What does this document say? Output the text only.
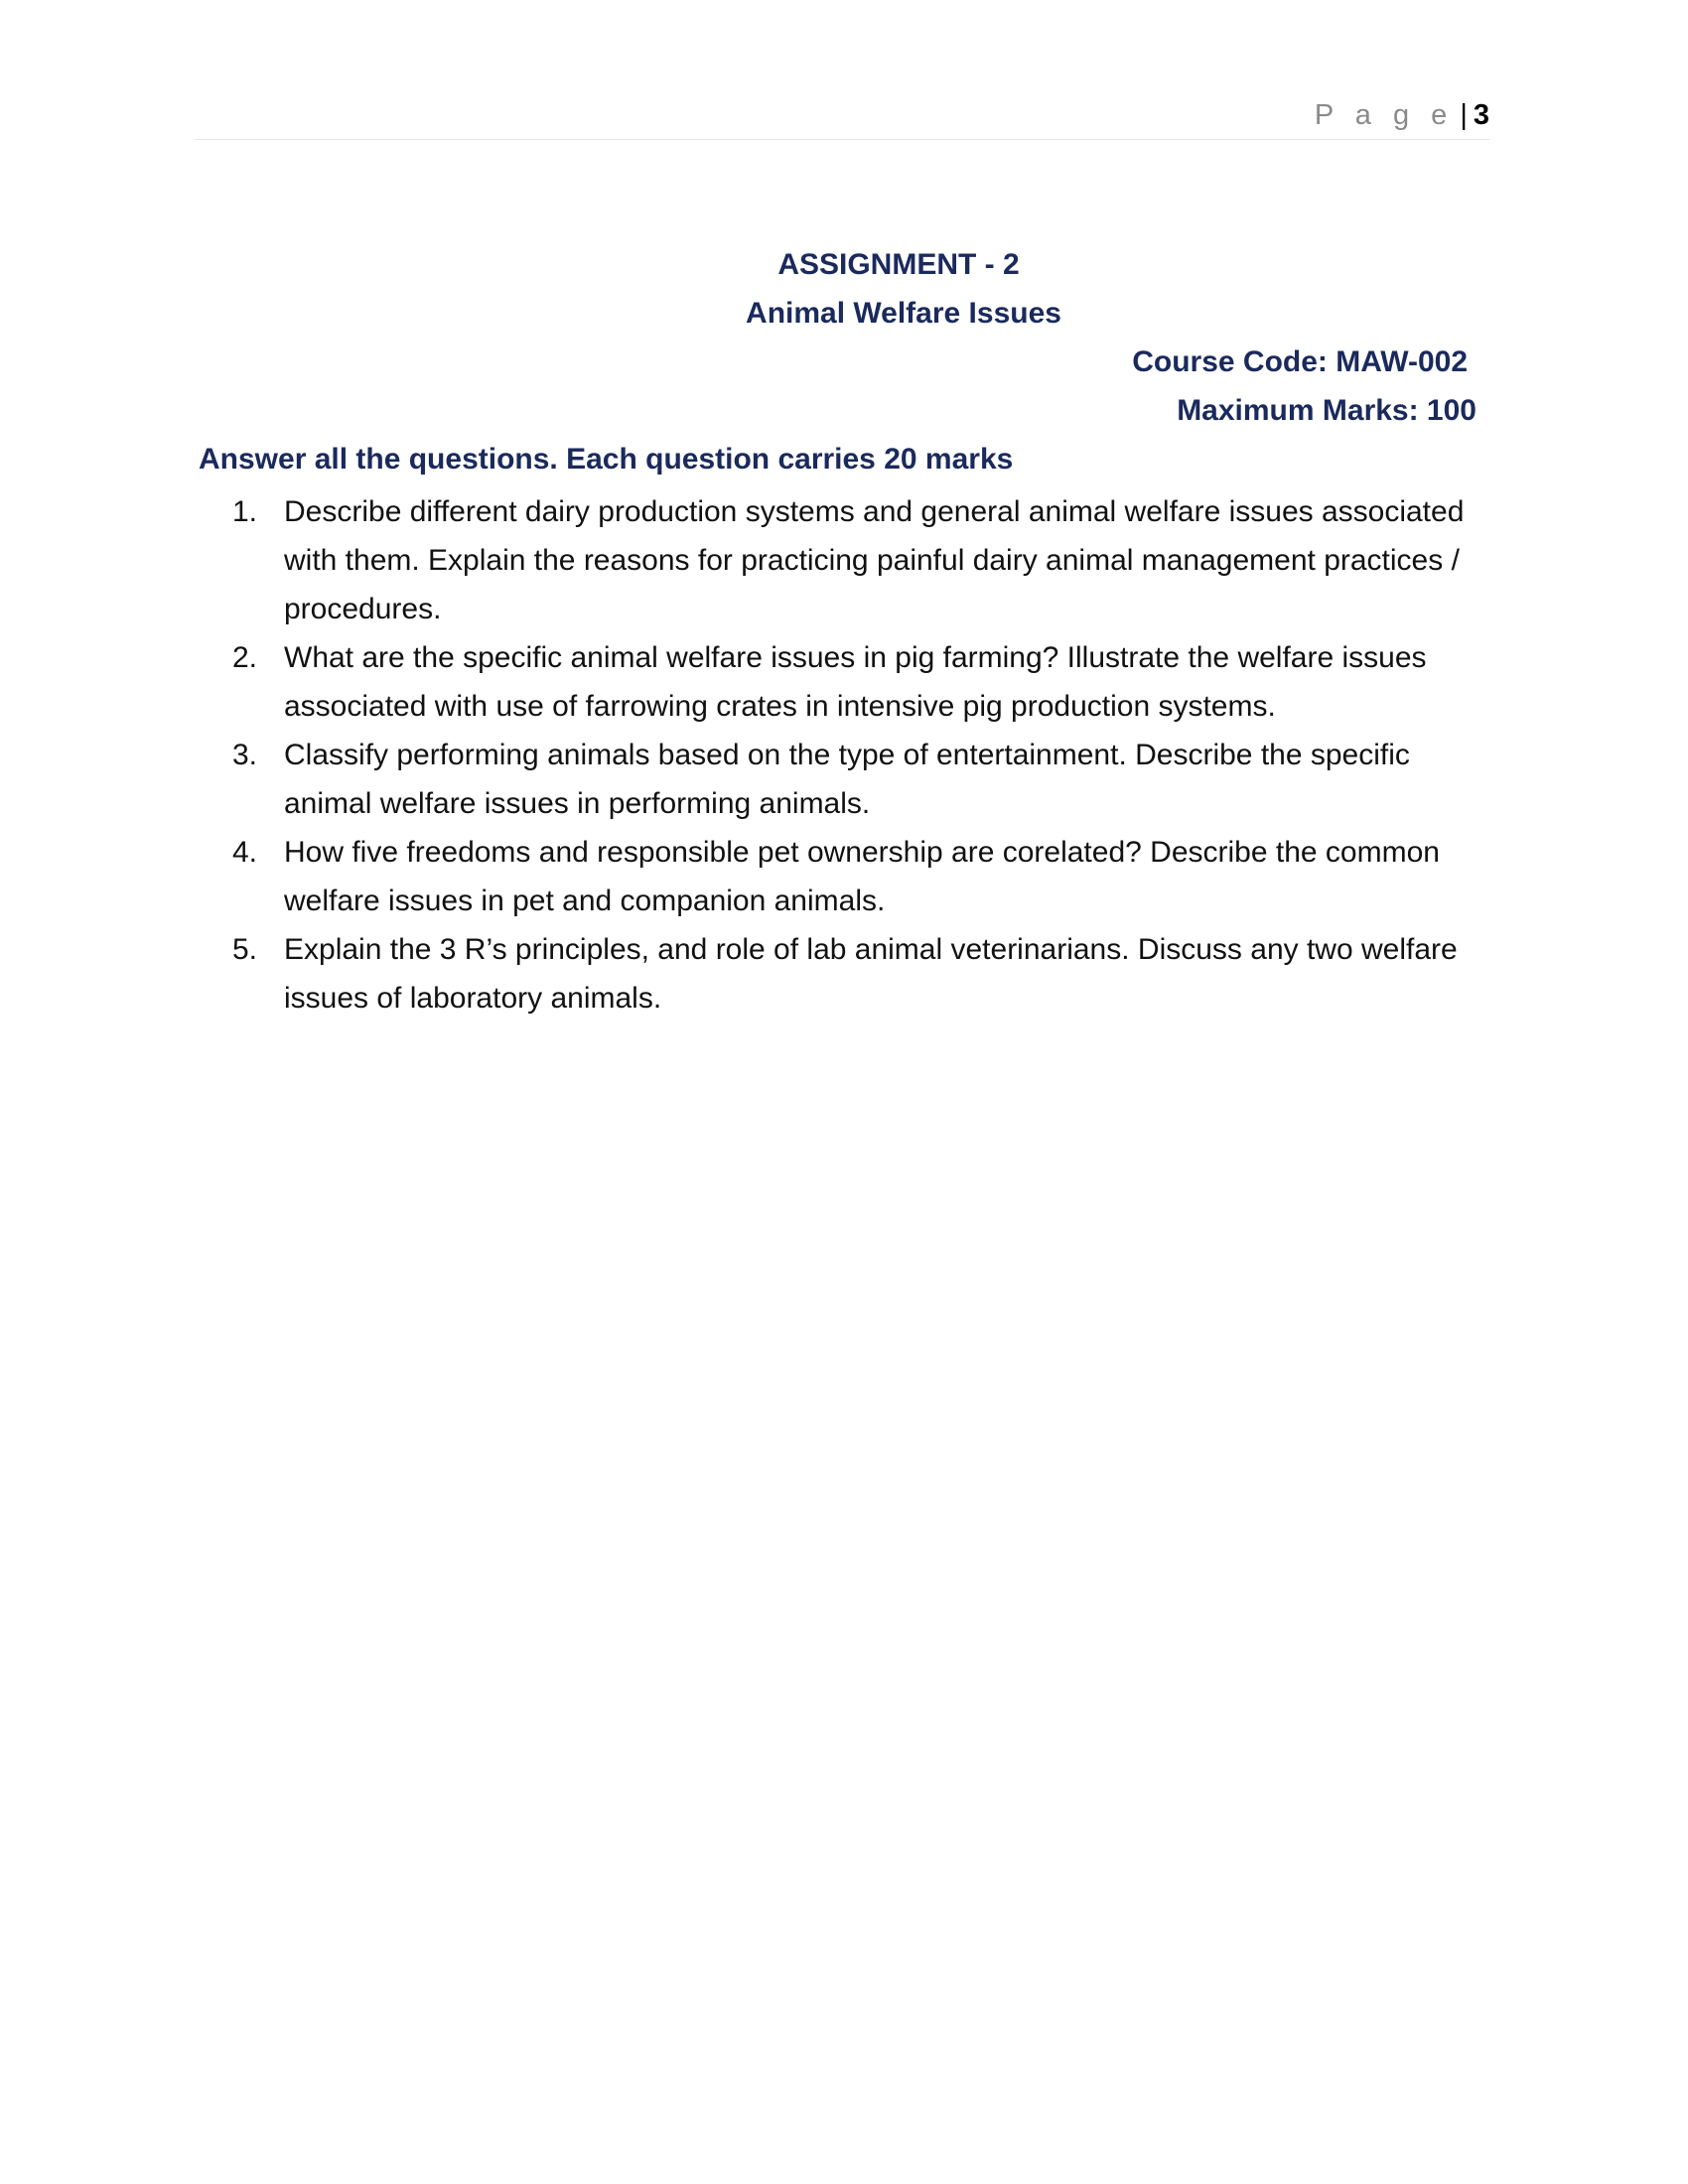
P a g e | 3
ASSIGNMENT - 2
Animal Welfare Issues
Course Code: MAW-002
Maximum Marks: 100
Answer all the questions. Each question carries 20 marks
1. Describe different dairy production systems and general animal welfare issues associated with them. Explain the reasons for practicing painful dairy animal management practices / procedures.
2. What are the specific animal welfare issues in pig farming? Illustrate the welfare issues associated with use of farrowing crates in intensive pig production systems.
3. Classify performing animals based on the type of entertainment. Describe the specific animal welfare issues in performing animals.
4. How five freedoms and responsible pet ownership are corelated? Describe the common welfare issues in pet and companion animals.
5. Explain the 3 R’s principles, and role of lab animal veterinarians. Discuss any two welfare issues of laboratory animals.
